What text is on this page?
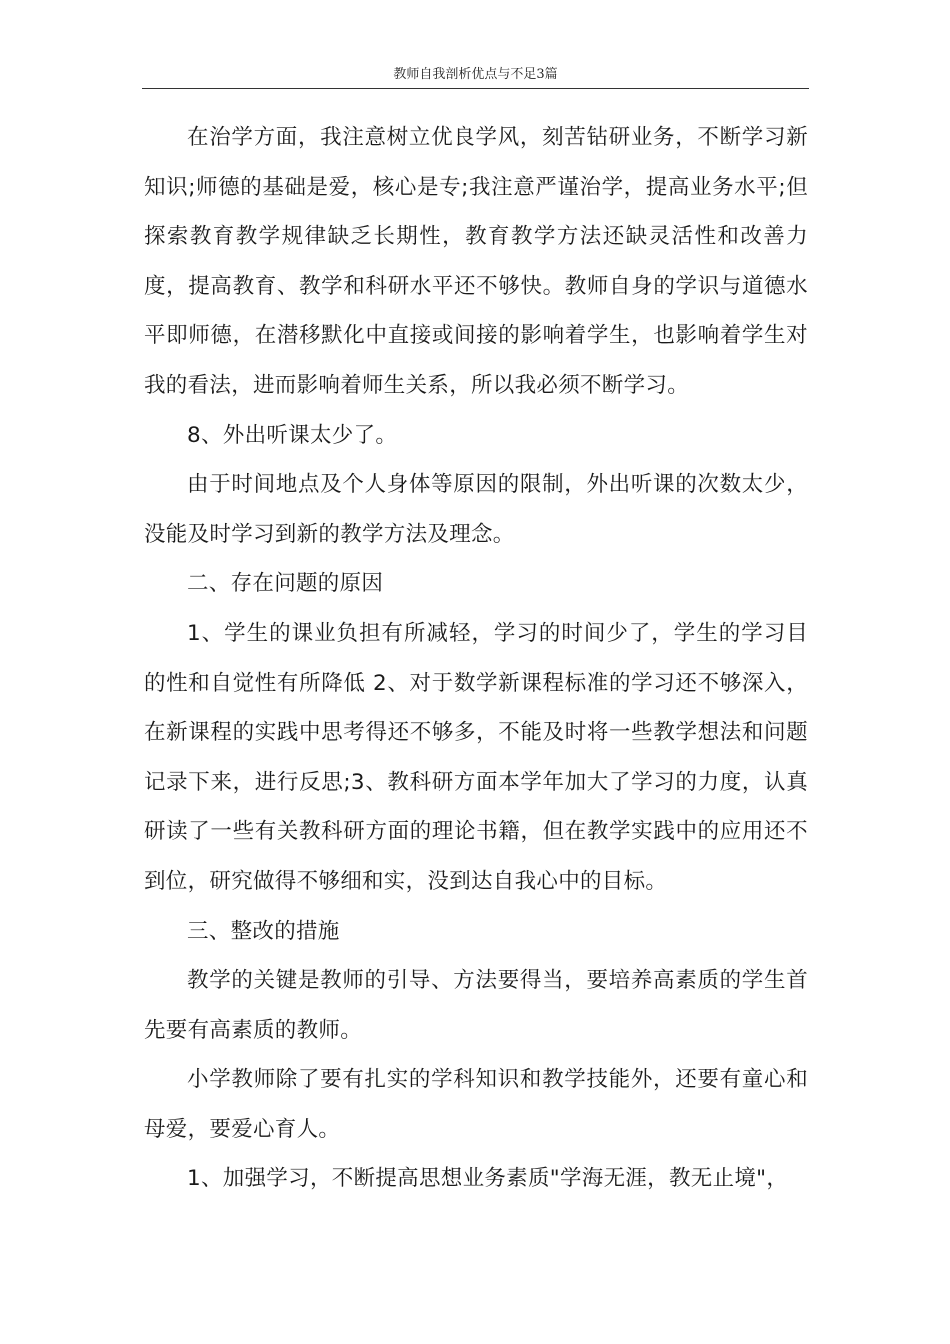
教师自我剖析优点与不足3篇

在治学方面，我注意树立优良学风，刻苦钻研业务，不断学习新知识;师德的基础是爱，核心是专;我注意严谨治学，提高业务水平;但探索教育教学规律缺乏长期性，教育教学方法还缺灵活性和改善力度，提高教育、教学和科研水平还不够快。教师自身的学识与道德水平即师德，在潜移默化中直接或间接的影响着学生，也影响着学生对我的看法，进而影响着师生关系，所以我必须不断学习。

8、外出听课太少了。

由于时间地点及个人身体等原因的限制，外出听课的次数太少，没能及时学习到新的教学方法及理念。

二、存在问题的原因

1、学生的课业负担有所减轻，学习的时间少了，学生的学习目的性和自觉性有所降低 2、对于数学新课程标准的学习还不够深入，在新课程的实践中思考得还不够多，不能及时将一些教学想法和问题记录下来，进行反思;3、教科研方面本学年加大了学习的力度，认真研读了一些有关教科研方面的理论书籍，但在教学实践中的应用还不到位，研究做得不够细和实，没到达自我心中的目标。

三、整改的措施

教学的关键是教师的引导、方法要得当，要培养高素质的学生首先要有高素质的教师。

小学教师除了要有扎实的学科知识和教学技能外，还要有童心和母爱，要爱心育人。

1、加强学习，不断提高思想业务素质"学海无涯，教无止境"，
